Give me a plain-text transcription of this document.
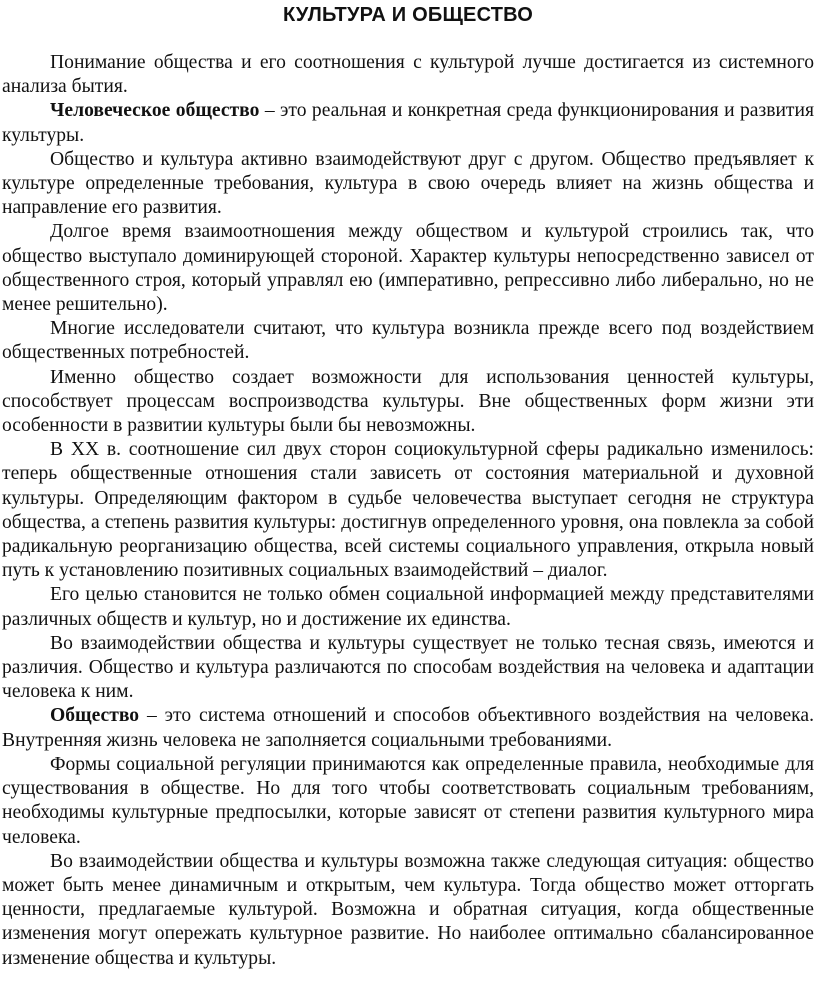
КУЛЬТУРА И ОБЩЕСТВО

Понимание общества и его соотношения с культурой лучше достигается из системного анализа бытия.

Человеческое общество – это реальная и конкретная среда функционирования и развития культуры.

Общество и культура активно взаимодействуют друг с другом. Общество предъявляет к культуре определенные требования, культура в свою очередь влияет на жизнь общества и направление его развития.

Долгое время взаимоотношения между обществом и культурой строились так, что общество выступало доминирующей стороной. Характер культуры непосредственно зависел от общественного строя, который управлял ею (императивно, репрессивно либо либерально, но не менее решительно).

Многие исследователи считают, что культура возникла прежде всего под воздействием общественных потребностей.

Именно общество создает возможности для использования ценностей культуры, способствует процессам воспроизводства культуры. Вне общественных форм жизни эти особенности в развитии культуры были бы невозможны.

В XX в. соотношение сил двух сторон социокультурной сферы радикально изменилось: теперь общественные отношения стали зависеть от состояния материальной и духовной культуры. Определяющим фактором в судьбе человечества выступает сегодня не структура общества, а степень развития культуры: достигнув определенного уровня, она повлекла за собой радикальную реорганизацию общества, всей системы социального управления, открыла новый путь к установлению позитивных социальных взаимодействий – диалог.

Его целью становится не только обмен социальной информацией между представителями различных обществ и культур, но и достижение их единства.

Во взаимодействии общества и культуры существует не только тесная связь, имеются и различия. Общество и культура различаются по способам воздействия на человека и адаптации человека к ним.

Общество – это система отношений и способов объективного воздействия на человека. Внутренняя жизнь человека не заполняется социальными требованиями.

Формы социальной регуляции принимаются как определенные правила, необходимые для существования в обществе. Но для того чтобы соответствовать социальным требованиям, необходимы культурные предпосылки, которые зависят от степени развития культурного мира человека.

Во взаимодействии общества и культуры возможна также следующая ситуация: общество может быть менее динамичным и открытым, чем культура. Тогда общество может отторгать ценности, предлагаемые культурой. Возможна и обратная ситуация, когда общественные изменения могут опережать культурное развитие. Но наиболее оптимально сбалансированное изменение общества и культуры.
